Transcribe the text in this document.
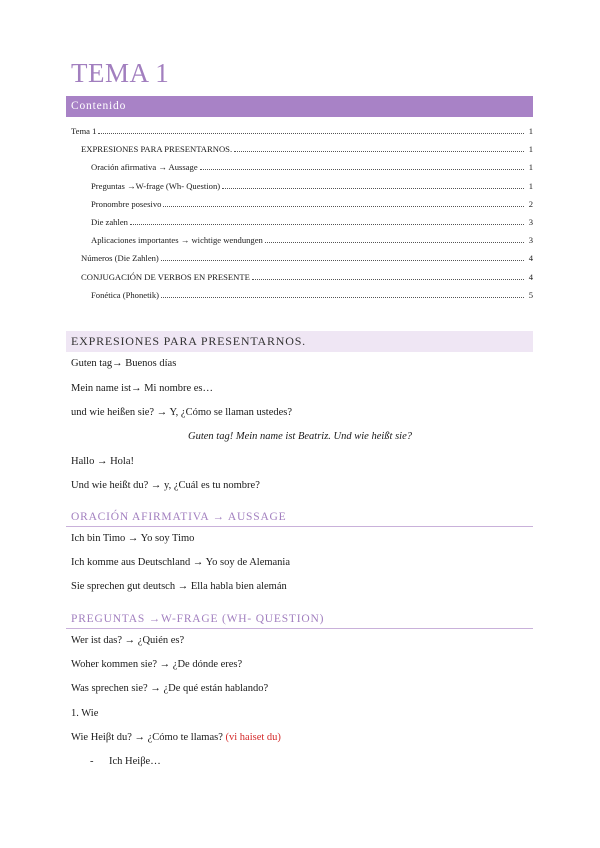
TEMA 1
Contenido
Tema 1	1
EXPRESIONES PARA PRESENTARNOS.	1
Oración afirmativa → Aussage	1
Preguntas →W-frage (Wh- Question)	1
Pronombre posesivo	2
Die zahlen	3
Aplicaciones importantes → wichtige wendungen	3
Números (Die Zahlen)	4
CONJUGACIÓN DE VERBOS EN PRESENTE	4
Fonética (Phonetik)	5
EXPRESIONES PARA PRESENTARNOS.
Guten tag→ Buenos días
Mein name ist→ Mi nombre es…
und wie heißen sie? → Y, ¿Cómo se llaman ustedes?
Guten tag! Mein name ist Beatriz. Und wie heißt sie?
Hallo → Hola!
Und wie heißt du? → y, ¿Cuál es tu nombre?
ORACIÓN AFIRMATIVA → AUSSAGE
Ich bin Timo → Yo soy Timo
Ich komme aus Deutschland → Yo soy de Alemania
Sie sprechen gut deutsch → Ella habla bien alemán
PREGUNTAS →W-FRAGE (WH- QUESTION)
Wer ist das? → ¿Quién es?
Woher kommen sie? → ¿De dónde eres?
Was sprechen sie? → ¿De qué están hablando?
1. Wie
Wie Heiβt du? → ¿Cómo te llamas? (vi haiset du)
- Ich Heiβe…
